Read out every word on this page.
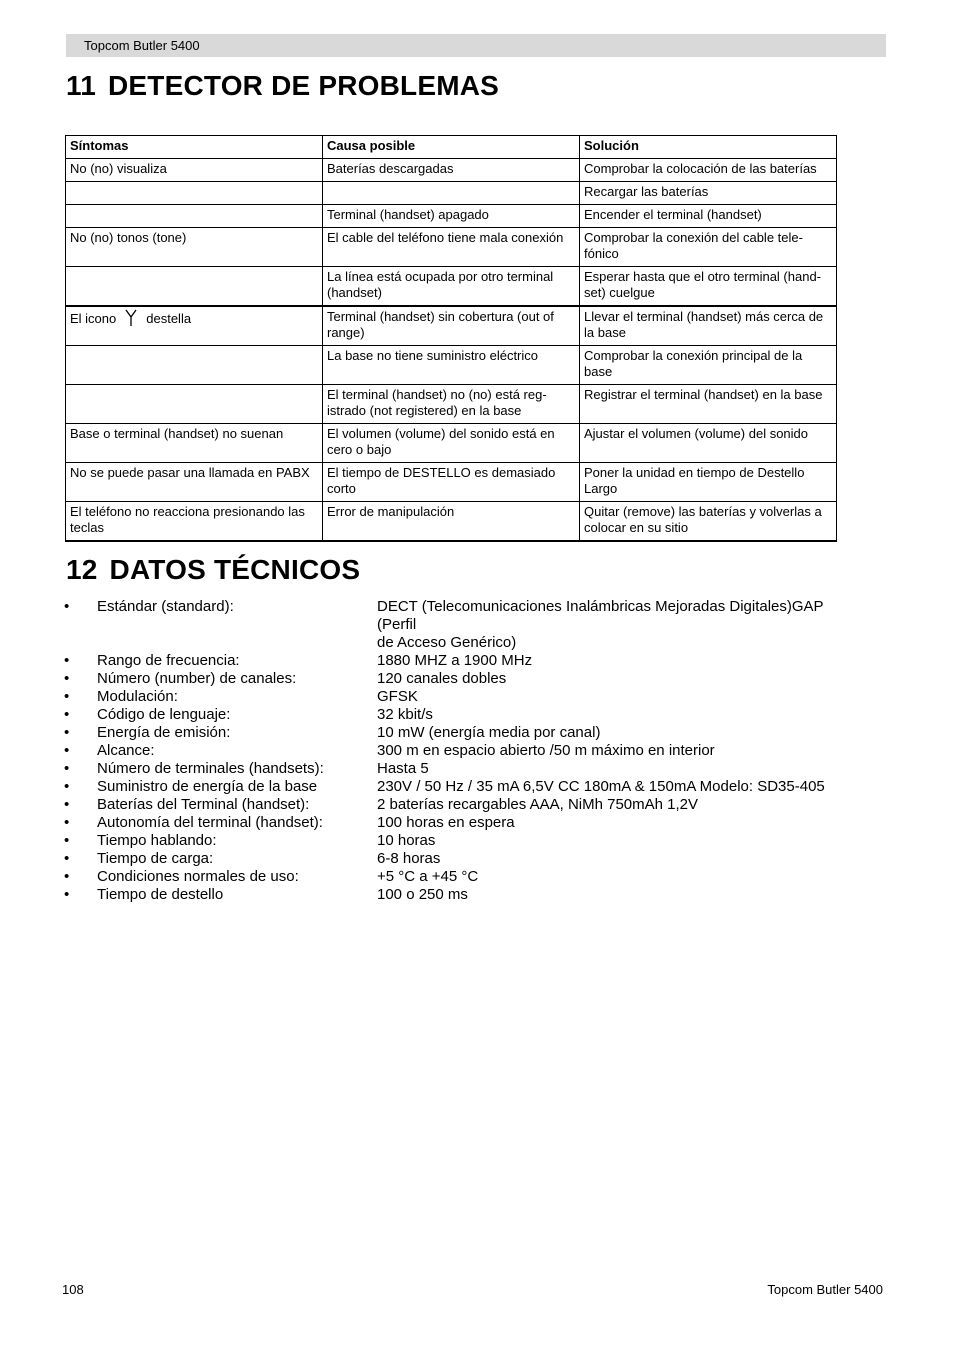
Topcom Butler 5400
11 DETECTOR DE PROBLEMAS
Síntomas	Causa posible	Solución
No (no) visualiza	Baterías descargadas	Comprobar la colocación de las baterías
		Recargar las baterías
	Terminal (handset) apagado	Encender el terminal (handset)
No (no) tonos (tone)	El cable del teléfono tiene mala conexión	Comprobar la conexión del cable tele-fónico
	La línea está ocupada por otro terminal (handset)	Esperar hasta que el otro terminal (hand-set) cuelgue
El icono destella	Terminal (handset) sin cobertura (out of range)	Llevar el terminal (handset) más cerca de la base
	La base no tiene suministro eléctrico	Comprobar la conexión principal de la base
	El terminal (handset) no (no) está reg-istrado (not registered) en la base	Registrar el terminal (handset) en la base
Base o terminal (handset) no suenan	El volumen (volume) del sonido está en cero o bajo	Ajustar el volumen (volume) del sonido
No se puede pasar una llamada en PABX	El tiempo de DESTELLO es demasiado corto	Poner la unidad en tiempo de Destello Largo
El teléfono no reacciona presionando las teclas	Error de manipulación	Quitar (remove) las baterías y volverlas a colocar en su sitio
12 DATOS TÉCNICOS
•	Estándar (standard):	DECT (Telecomunicaciones Inalámbricas Mejoradas Digitales)GAP
(Perfil
de Acceso Genérico)
•	Rango de frecuencia:	1880 MHZ a 1900 MHz
•	Número (number) de canales:	120 canales dobles
•	Modulación:	GFSK
•	Código de lenguaje:	32 kbit/s
•	Energía de emisión:	10 mW (energía media por canal)
•	Alcance:	300 m en espacio abierto /50 m máximo en interior
•	Número de terminales (handsets):	Hasta 5
•	Suministro de energía de la base	230V / 50 Hz / 35 mA 6,5V CC 180mA & 150mA Modelo: SD35-405
•	Baterías del Terminal (handset):	2 baterías recargables AAA, NiMh 750mAh 1,2V
•	Autonomía del terminal (handset):	100 horas en espera
•	Tiempo hablando:	10 horas
•	Tiempo de carga:	6-8 horas
•	Condiciones normales de uso:	+5 °C a +45 °C
•	Tiempo de destello	100 o 250 ms
108	Topcom Butler 5400
